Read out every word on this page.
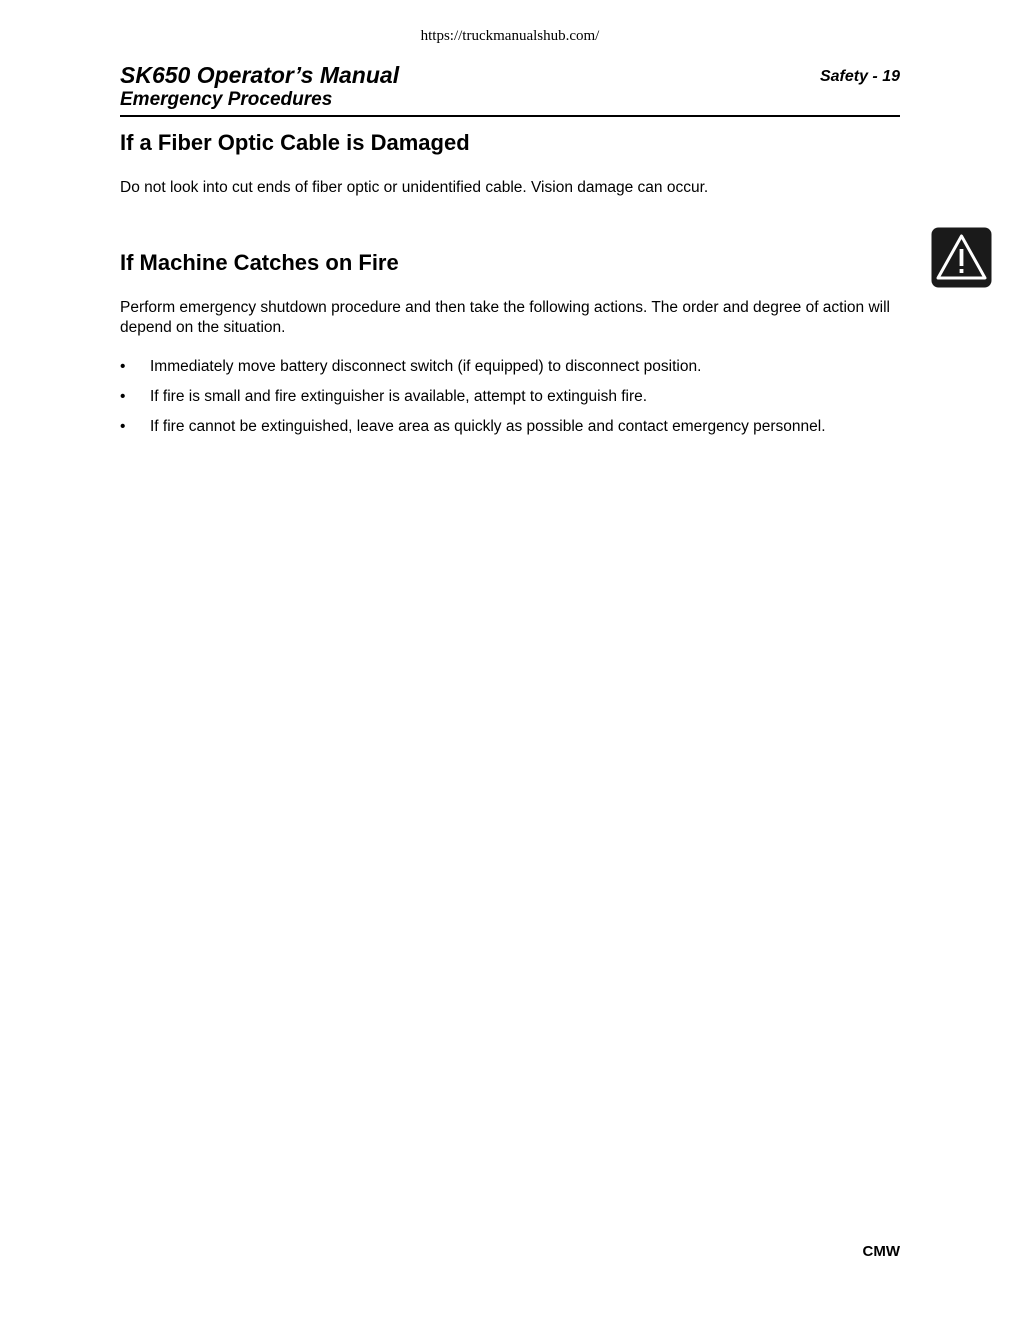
https://truckmanualshub.com/
SK650 Operator’s Manual	Safety - 19
Emergency Procedures
If a Fiber Optic Cable is Damaged

Do not look into cut ends of fiber optic or unidentified cable. Vision damage can occur.

If Machine Catches on Fire

Perform emergency shutdown procedure and then take the following actions. The order and degree of action will depend on the situation.

• Immediately move battery disconnect switch (if equipped) to disconnect position.
• If fire is small and fire extinguisher is available, attempt to extinguish fire.
• If fire cannot be extinguished, leave area as quickly as possible and contact emergency personnel.
CMW
